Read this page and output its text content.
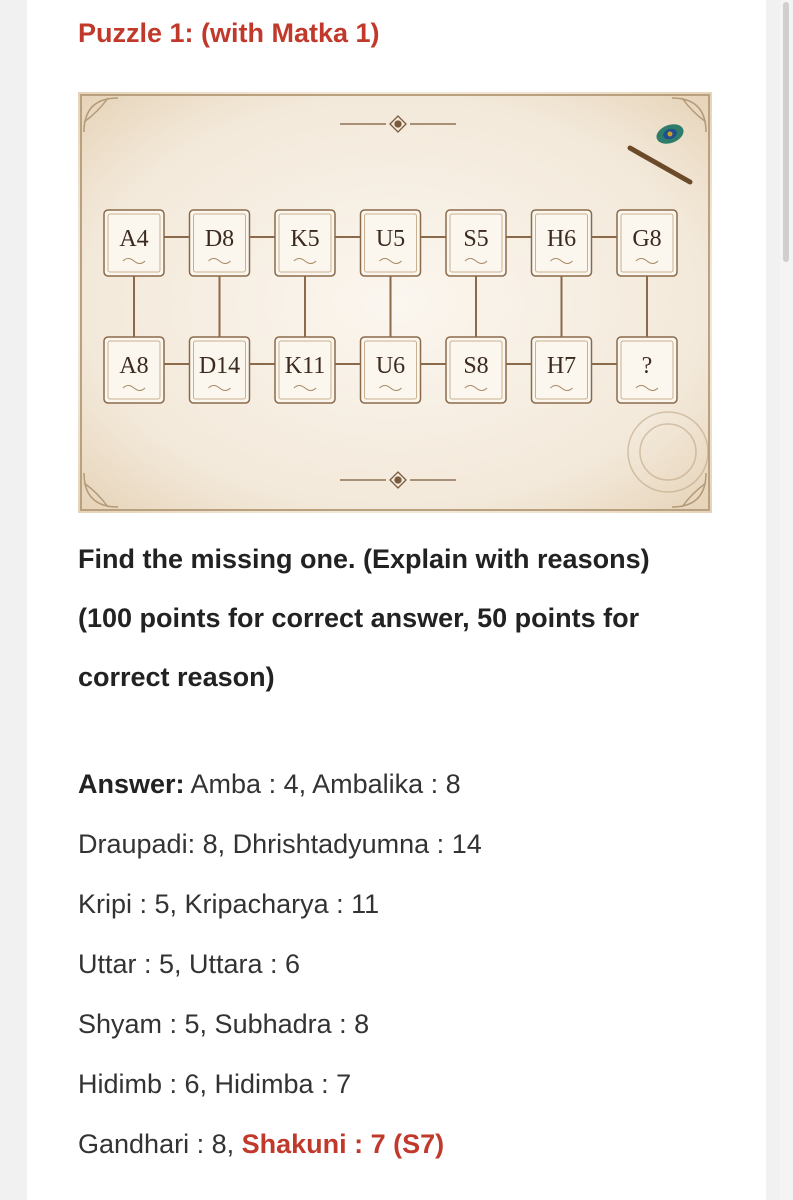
Puzzle 1: (with Matka 1)
A4 D8 K5 U5 S5 H6 G8
A8 D14 K11 U6 S8 H7	?
Find the missing one. (Explain with reasons)
(100 points for correct answer, 50 points for
correct reason)
Answer: Amba : 4, Ambalika : 8
Draupadi: 8, Dhrishtadyumna : 14
Kripi : 5, Kripacharya : 11
Uttar : 5, Uttara : 6
Shyam : 5, Subhadra : 8
Hidimb : 6, Hidimba : 7
Gandhari : 8, Shakuni : 7 (S7)
